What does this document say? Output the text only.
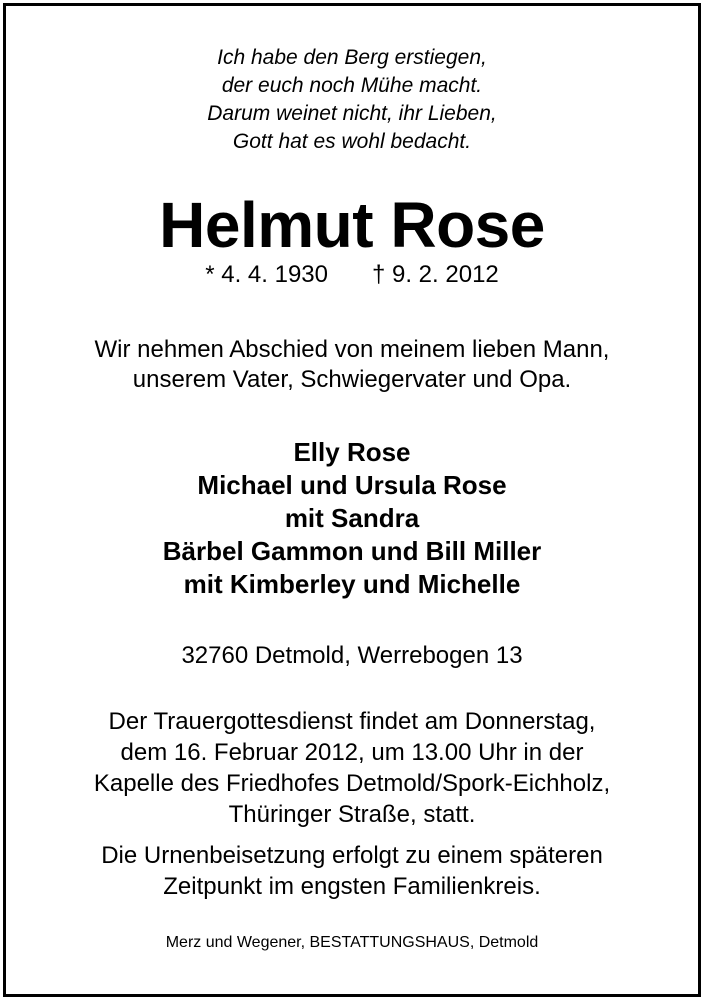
Ich habe den Berg erstiegen,
der euch noch Mühe macht.
Darum weinet nicht, ihr Lieben,
Gott hat es wohl bedacht.
Helmut Rose
* 4. 4. 1930 † 9. 2. 2012
Wir nehmen Abschied von meinem lieben Mann,
unserem Vater, Schwiegervater und Opa.
Elly Rose
Michael und Ursula Rose
mit Sandra
Bärbel Gammon und Bill Miller
mit Kimberley und Michelle
32760 Detmold, Werrebogen 13
Der Trauergottesdienst findet am Donnerstag,
dem 16. Februar 2012, um 13.00 Uhr in der
Kapelle des Friedhofes Detmold/Spork-Eichholz,
Thüringer Straße, statt.
Die Urnenbeisetzung erfolgt zu einem späteren
Zeitpunkt im engsten Familienkreis.
Merz und Wegener, BESTATTUNGSHAUS, Detmold
